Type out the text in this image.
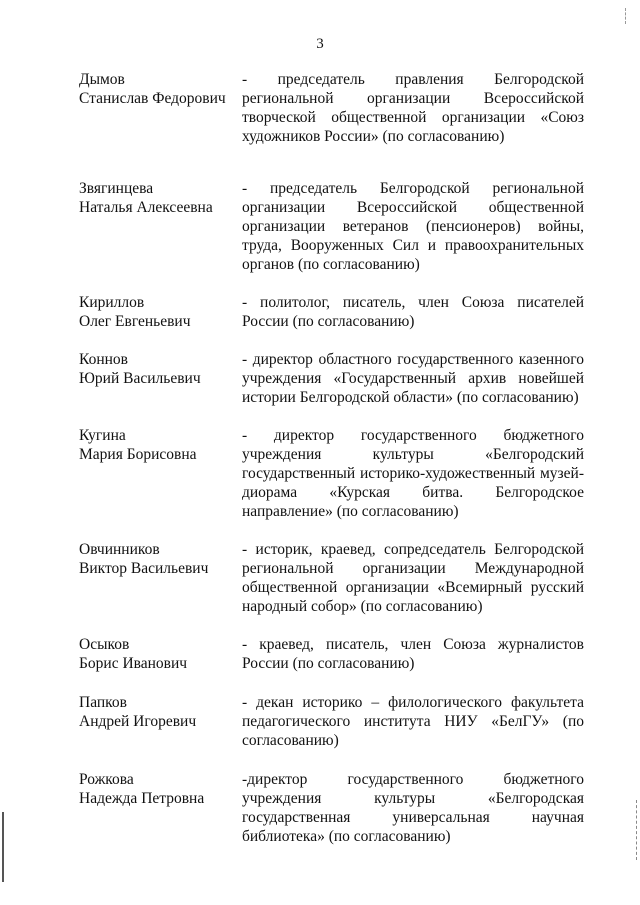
3
Дымов
Станислав Федорович
- председатель правления Белгородской региональной организации Всероссийской творческой общественной организации «Союз художников России» (по согласованию)
Звягинцева
Наталья Алексеевна
- председатель Белгородской региональной организации Всероссийской общественной организации ветеранов (пенсионеров) войны, труда, Вооруженных Сил и правоохранительных органов (по согласованию)
Кириллов
Олег Евгеньевич
- политолог, писатель, член Союза писателей России (по согласованию)
Коннов
Юрий Васильевич
- директор областного государственного казенного учреждения «Государственный архив новейшей истории Белгородской области» (по согласованию)
Кугина
Мария Борисовна
- директор государственного бюджетного учреждения культуры «Белгородский государственный историко-художественный музей-диорама «Курская битва. Белгородское направление» (по согласованию)
Овчинников
Виктор Васильевич
- историк, краевед, сопредседатель Белгородской региональной организации Международной общественной организации «Всемирный русский народный собор» (по согласованию)
Осыков
Борис Иванович
- краевед, писатель, член Союза журналистов России (по согласованию)
Папков
Андрей Игоревич
- декан историко – филологического факультета педагогического института НИУ «БелГУ» (по согласованию)
Рожкова
Надежда Петровна
-директор государственного бюджетного учреждения культуры «Белгородская государственная универсальная научная библиотека» (по согласованию)
